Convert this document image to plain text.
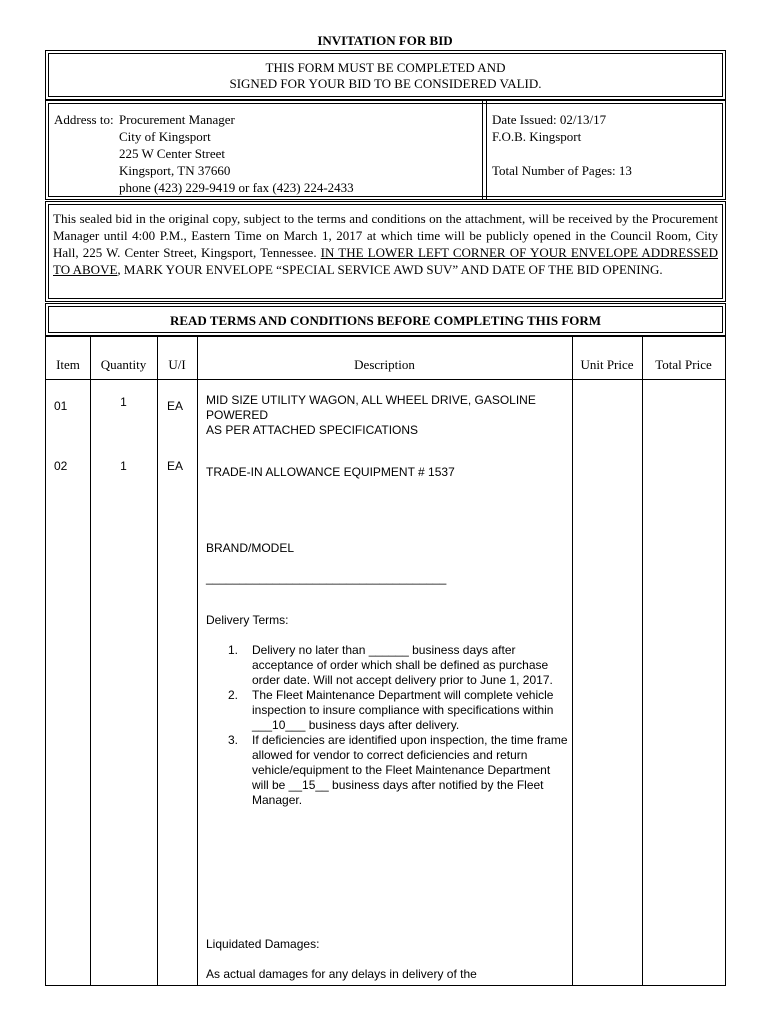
INVITATION FOR BID
THIS FORM MUST BE COMPLETED AND
SIGNED FOR YOUR BID TO BE CONSIDERED VALID.
Address to: Procurement Manager
City of Kingsport
225 W Center Street
Kingsport, TN 37660
phone (423) 229-9419 or fax (423) 224-2433
Date Issued: 02/13/17
F.O.B. Kingsport
Total Number of Pages: 13
This sealed bid in the original copy, subject to the terms and conditions on the attachment, will be received by the Procurement Manager until 4:00 P.M., Eastern Time on March 1, 2017 at which time will be publicly opened in the Council Room, City Hall, 225 W. Center Street, Kingsport, Tennessee. IN THE LOWER LEFT CORNER OF YOUR ENVELOPE ADDRESSED TO ABOVE, MARK YOUR ENVELOPE “SPECIAL SERVICE AWD SUV” AND DATE OF THE BID OPENING.
READ TERMS AND CONDITIONS BEFORE COMPLETING THIS FORM
Item	Quantity	U/I	Description	Unit Price	Total Price
01	1	EA MID SIZE UTILITY WAGON, ALL WHEEL DRIVE, GASOLINE
POWERED
AS PER ATTACHED SPECIFICATIONS
02	1	EA TRADE-IN ALLOWANCE EQUIPMENT # 1537
BRAND/MODEL
____________________________________
Delivery Terms:
1.	Delivery no later than ______ business days after acceptance of order which shall be defined as purchase order date. Will not accept delivery prior to June 1, 2017.
2.	The Fleet Maintenance Department will complete vehicle inspection to insure compliance with specifications within ___10___ business days after delivery.
3.	If deficiencies are identified upon inspection, the time frame allowed for vendor to correct deficiencies and return vehicle/equipment to the Fleet Maintenance Department will be __15__ business days after notified by the Fleet Manager.
Liquidated Damages:
As actual damages for any delays in delivery of the
